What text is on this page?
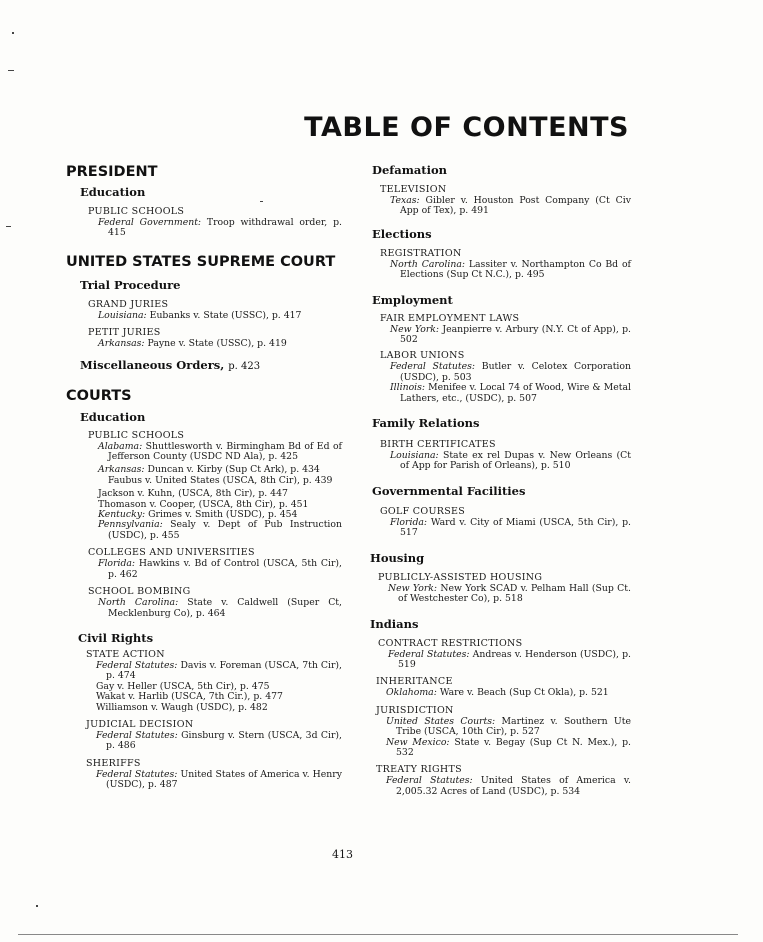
TABLE OF CONTENTS
PRESIDENT
Education

PUBLIC SCHOOLS

Federal Government: Troop withdrawal order, p. 415

UNITED STATES SUPREME COURT
Trial Procedure

GRAND JURIES

Louisiana: Eubanks v. State (USSC), p. 417

PETIT JURIES

Arkansas: Payne v. State (USSC), p. 419

Miscellaneous Orders, p. 423
COURTS
Education

PUBLIC SCHOOLS

Alabama: Shuttlesworth v. Birmingham Bd of Ed of Jefferson County (USDC ND Ala), p. 425

Arkansas: Duncan v. Kirby (Sup Ct Ark), p. 434

Faubus v. United States (USCA, 8th Cir), p. 439

Jackson v. Kuhn, (USCA, 8th Cir), p. 447

Thomason v. Cooper, (USCA, 8th Cir), p. 451

Kentucky: Grimes v. Smith (USDC), p. 454

Pennsylvania: Sealy v. Dept of Pub Instruction (USDC), p. 455

COLLEGES AND UNIVERSITIES

Florida: Hawkins v. Bd of Control (USCA, 5th Cir), p. 462

SCHOOL BOMBING

North Carolina: State v. Caldwell (Super Ct, Mecklenburg Co), p. 464

Civil Rights

STATE ACTION

Federal Statutes: Davis v. Foreman (USCA, 7th Cir), p. 474

Gay v. Heller (USCA, 5th Cir), p. 475

Wakat v. Harlib (USCA, 7th Cir.), p. 477

Williamson v. Waugh (USDC), p. 482

JUDICIAL DECISION

Federal Statutes: Ginsburg v. Stern (USCA, 3d Cir), p. 486

SHERIFFS

Federal Statutes: United States of America v. Henry (USDC), p. 487

Defamation

TELEVISION

Texas: Gibler v. Houston Post Company (Ct Civ App of Tex), p. 491

Elections

REGISTRATION

North Carolina: Lassiter v. Northampton Co Bd of Elections (Sup Ct N.C.), p. 495

Employment

FAIR EMPLOYMENT LAWS

New York: Jeanpierre v. Arbury (N.Y. Ct of App), p. 502

LABOR UNIONS

Federal Statutes: Butler v. Celotex Corporation (USDC), p. 503

Illinois: Menifee v. Local 74 of Wood, Wire & Metal Lathers, etc., (USDC), p. 507

Family Relations

BIRTH CERTIFICATES

Louisiana: State ex rel Dupas v. New Orleans (Ct of App for Parish of Orleans), p. 510

Governmental Facilities

GOLF COURSES

Florida: Ward v. City of Miami (USCA, 5th Cir), p. 517

Housing

PUBLICLY-ASSISTED HOUSING

New York: New York SCAD v. Pelham Hall (Sup Ct. of Westchester Co), p. 518

Indians

CONTRACT RESTRICTIONS

Federal Statutes: Andreas v. Henderson (USDC), p. 519

INHERITANCE

Oklahoma: Ware v. Beach (Sup Ct Okla), p. 521

JURISDICTION

United States Courts: Martinez v. Southern Ute Tribe (USCA, 10th Cir), p. 527

New Mexico: State v. Begay (Sup Ct N. Mex.), p. 532

TREATY RIGHTS

Federal Statutes: United States of America v. 2,005.32 Acres of Land (USDC), p. 534

413
